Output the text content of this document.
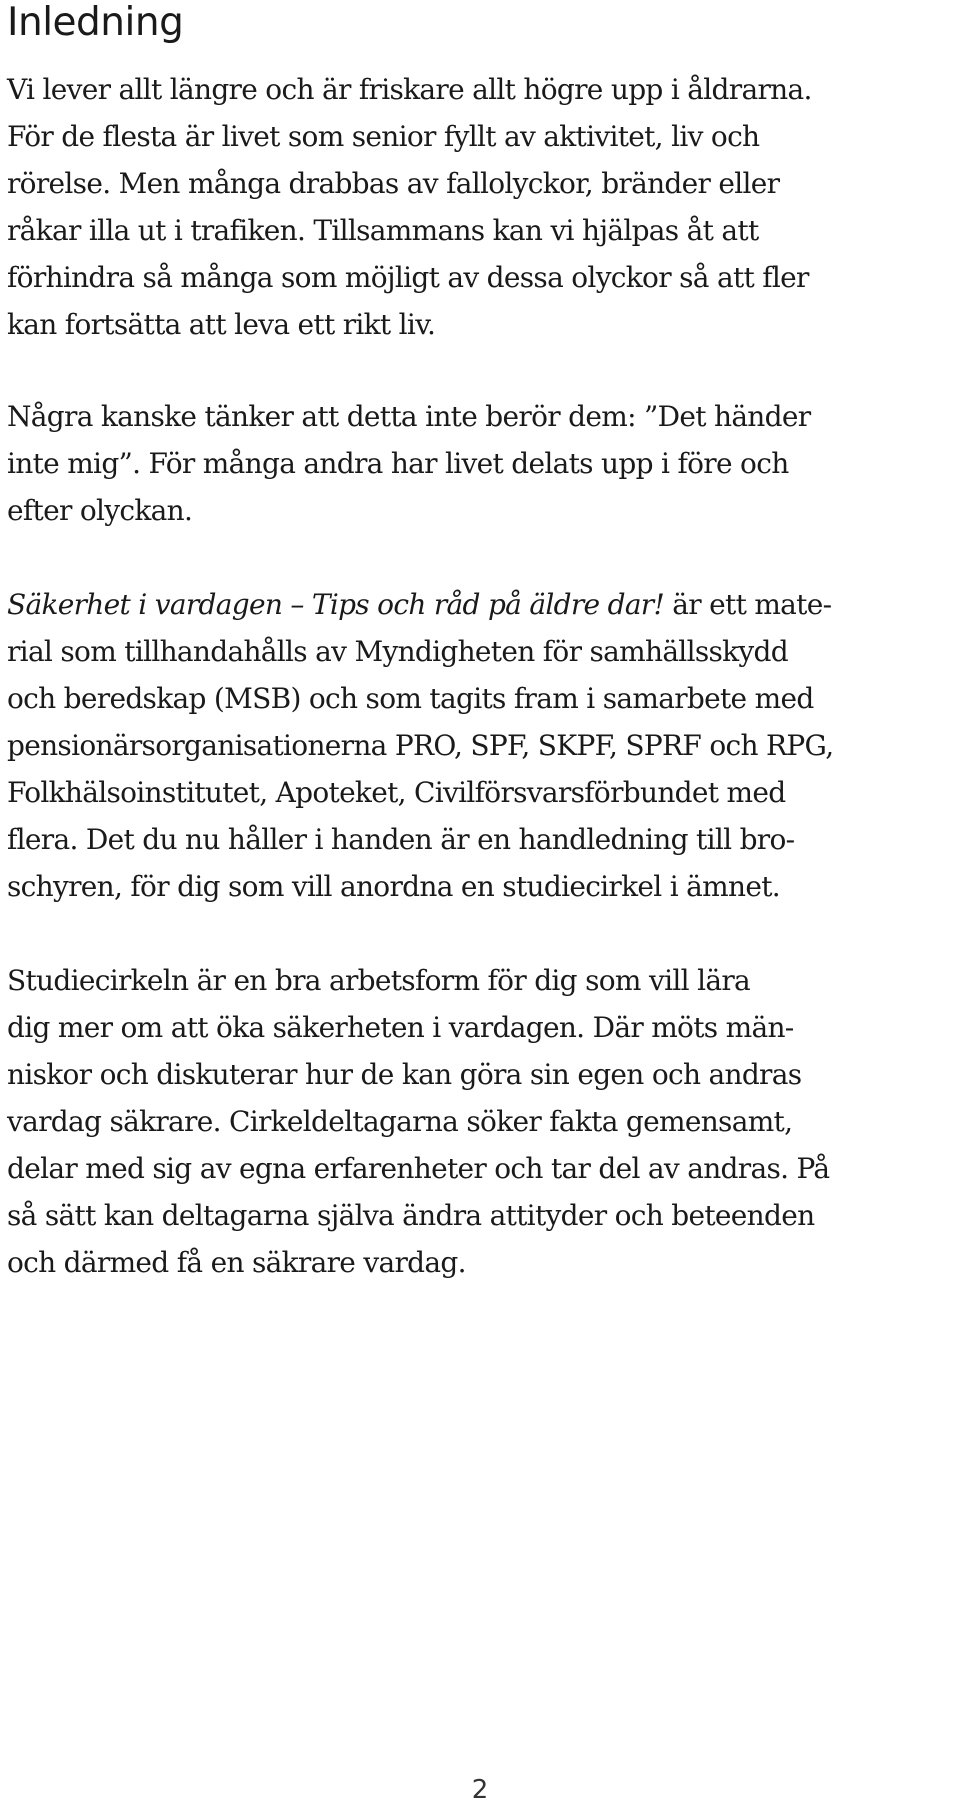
Inledning

Vi lever allt längre och är friskare allt högre upp i åldrarna.
För de flesta är livet som senior fyllt av aktivitet, liv och
rörelse. Men många drabbas av fallolyckor, bränder eller
råkar illa ut i trafiken. Tillsammans kan vi hjälpas åt att
förhindra så många som möjligt av dessa olyckor så att fler
kan fortsätta att leva ett rikt liv.

Några kanske tänker att detta inte berör dem: ”Det händer
inte mig”. För många andra har livet delats upp i före och
efter olyckan.

Säkerhet i vardagen – Tips och råd på äldre dar! är ett mate-
rial som tillhandahålls av Myndigheten för samhällsskydd
och beredskap (MSB) och som tagits fram i samarbete med
pensionärsorganisationerna PRO, SPF, SKPF, SPRF och RPG,
Folkhälsoinstitutet, Apoteket, Civilförsvarsförbundet med
flera. Det du nu håller i handen är en handledning till bro-
schyren, för dig som vill anordna en studiecirkel i ämnet.

Studiecirkeln är en bra arbetsform för dig som vill lära
dig mer om att öka säkerheten i vardagen. Där möts män-
niskor och diskuterar hur de kan göra sin egen och andras
vardag säkrare. Cirkeldeltagarna söker fakta gemensamt,
delar med sig av egna erfarenheter och tar del av andras. På
så sätt kan deltagarna själva ändra attityder och beteenden
och därmed få en säkrare vardag.

2
